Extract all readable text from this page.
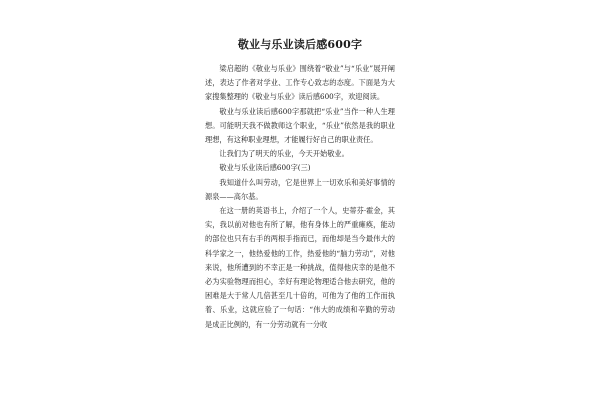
敬业与乐业读后感600字

梁启超的《敬业与乐业》围绕着“敬业”与“乐业”展开阐述，表达了作者对学业、工作专心致志的态度。下面是为大家搜集整理的《敬业与乐业》读后感600字，欢迎阅读。

敬业与乐业读后感600字那就把“乐业”当作一种人生理想。可能明天我不做教师这个职业，“乐业”依然是我的职业理想，有这种职业理想，才能履行好自己的职业责任。

让我们为了明天的乐业，今天开始敬业。

敬业与乐业读后感600字(三)

我知道什么叫劳动，它是世界上一切欢乐和美好事情的源泉——高尔基。

在这一册的英语书上，介绍了一个人，史蒂芬·霍金，其实，我以前对他也有所了解，他有身体上的严重瘫痪，能动的部位也只有右手的两根手指而已，而他却是当今最伟大的科学家之一，他热爱他的工作，热爱他的“脑力劳动”，对他来说，他所遭到的不幸正是一种挑战，值得他庆幸的是他不必为实验物理而担心，幸好有理论物理适合他去研究，他的困难是大于常人几倍甚至几十倍的，可他为了他的工作而执着、乐业，这就应验了一句话：“伟大的成绩和辛勤的劳动是成正比例的，有一分劳动就有一分收
